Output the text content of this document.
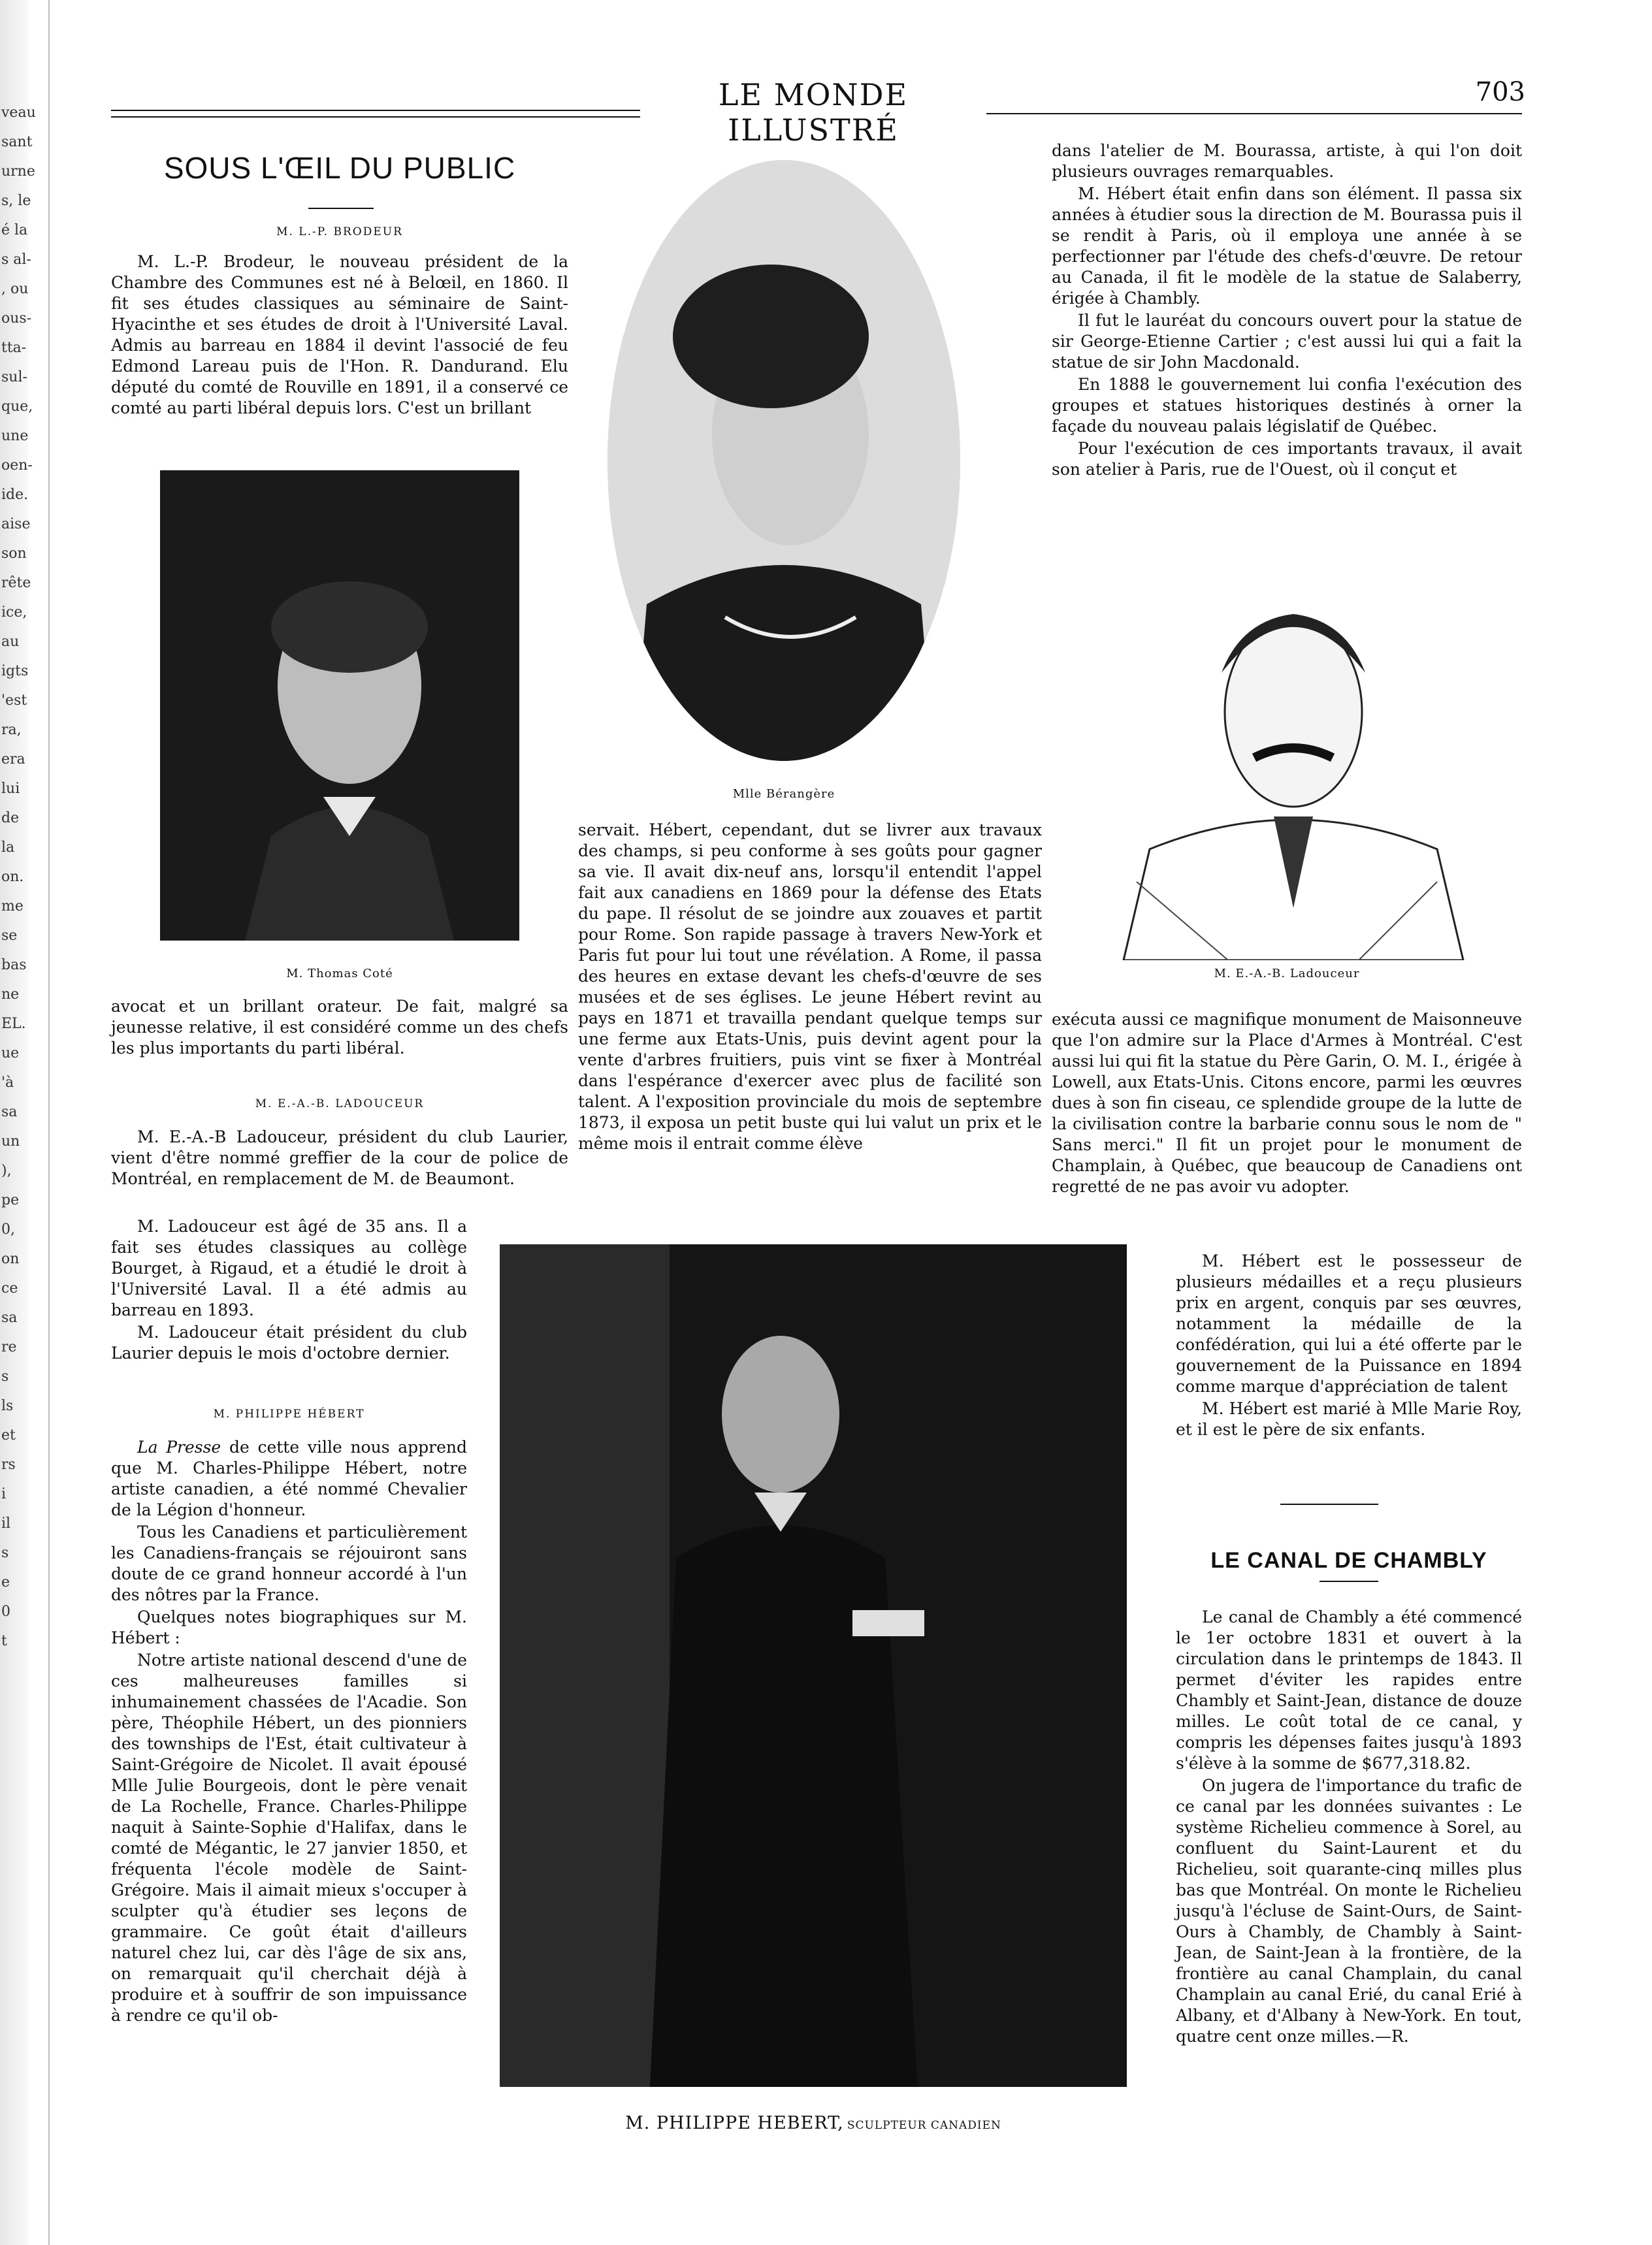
veau
sant
urne
s, le
é la
s al-
, ou
ous-
tta-
sul-
que,
une
oen-
ide.
aise
son
rête
ice,
au
igts
'est
ra,
era
lui
de
la
on.
me
se
bas
ne
EL.
ue
'à
sa
un
),
pe
0,
on
ce
sa
re
s
ls
et
rs
i
il
s
e
0
t
LE MONDE ILLUSTRÉ
703
SOUS L'ŒIL DU PUBLIC
M. L.-P. BRODEUR

M. L.-P. Brodeur, le nouveau président de la Chambre des Communes est né à Belœil, en 1860. Il fit ses études classiques au séminaire de Saint-Hyacinthe et ses études de droit à l'Université Laval. Admis au barreau en 1884 il devint l'associé de feu Edmond Lareau puis de l'Hon. R. Dandurand. Elu député du comté de Rouville en 1891, il a conservé ce comté au parti libéral depuis lors. C'est un brillant

M. Thomas Coté

avocat et un brillant orateur. De fait, malgré sa jeunesse relative, il est considéré comme un des chefs les plus importants du parti libéral.

M. E.-A.-B. LADOUCEUR

M. E.-A.-B Ladouceur, président du club Laurier, vient d'être nommé greffier de la cour de police de Montréal, en remplacement de M. de Beaumont.

M. Ladouceur est âgé de 35 ans. Il a fait ses études classiques au collège Bourget, à Rigaud, et a étudié le droit à l'Université Laval. Il a été admis au barreau en 1893.

M. Ladouceur était président du club Laurier depuis le mois d'octobre dernier.

M. PHILIPPE HÉBERT

La Presse de cette ville nous apprend que M. Charles-Philippe Hébert, notre artiste canadien, a été nommé Chevalier de la Légion d'honneur.

Tous les Canadiens et particulièrement les Canadiens-français se réjouiront sans doute de ce grand honneur accordé à l'un des nôtres par la France.

Quelques notes biographiques sur M. Hébert :

Notre artiste national descend d'une de ces malheureuses familles si inhumainement chassées de l'Acadie. Son père, Théophile Hébert, un des pionniers des townships de l'Est, était cultivateur à Saint-Grégoire de Nicolet. Il avait épousé Mlle Julie Bourgeois, dont le père venait de La Rochelle, France. Charles-Philippe naquit à Sainte-Sophie d'Halifax, dans le comté de Mégantic, le 27 janvier 1850, et fréquenta l'école modèle de Saint-Grégoire. Mais il aimait mieux s'occuper à sculpter qu'à étudier ses leçons de grammaire. Ce goût était d'ailleurs naturel chez lui, car dès l'âge de six ans, on remarquait qu'il cherchait déjà à produire et à souffrir de son impuissance à rendre ce qu'il ob-

Mlle Bérangère

servait. Hébert, cependant, dut se livrer aux travaux des champs, si peu conforme à ses goûts pour gagner sa vie. Il avait dix-neuf ans, lorsqu'il entendit l'appel fait aux canadiens en 1869 pour la défense des Etats du pape. Il résolut de se joindre aux zouaves et partit pour Rome. Son rapide passage à travers New-York et Paris fut pour lui tout une révélation. A Rome, il passa des heures en extase devant les chefs-d'œuvre de ses musées et de ses églises. Le jeune Hébert revint au pays en 1871 et travailla pendant quelque temps sur une ferme aux Etats-Unis, puis devint agent pour la vente d'arbres fruitiers, puis vint se fixer à Montréal dans l'espérance d'exercer avec plus de facilité son talent. A l'exposition provinciale du mois de septembre 1873, il exposa un petit buste qui lui valut un prix et le même mois il entrait comme élève

M. PHILIPPE HEBERT, SCULPTEUR CANADIEN

dans l'atelier de M. Bourassa, artiste, à qui l'on doit plusieurs ouvrages remarquables.

M. Hébert était enfin dans son élément. Il passa six années à étudier sous la direction de M. Bourassa puis il se rendit à Paris, où il employa une année à se perfectionner par l'étude des chefs-d'œuvre. De retour au Canada, il fit le modèle de la statue de Salaberry, érigée à Chambly.

Il fut le lauréat du concours ouvert pour la statue de sir George-Etienne Cartier ; c'est aussi lui qui a fait la statue de sir John Macdonald.

En 1888 le gouvernement lui confia l'exécution des groupes et statues historiques destinés à orner la façade du nouveau palais législatif de Québec.

Pour l'exécution de ces importants travaux, il avait son atelier à Paris, rue de l'Ouest, où il conçut et

M. E.-A.-B. Ladouceur

exécuta aussi ce magnifique monument de Maisonneuve que l'on admire sur la Place d'Armes à Montréal. C'est aussi lui qui fit la statue du Père Garin, O. M. I., érigée à Lowell, aux Etats-Unis. Citons encore, parmi les œuvres dues à son fin ciseau, ce splendide groupe de la lutte de la civilisation contre la barbarie connu sous le nom de " Sans merci." Il fit un projet pour le monument de Champlain, à Québec, que beaucoup de Canadiens ont regretté de ne pas avoir vu adopter.

M. Hébert est le possesseur de plusieurs médailles et a reçu plusieurs prix en argent, conquis par ses œuvres, notamment la médaille de la confédération, qui lui a été offerte par le gouvernement de la Puissance en 1894 comme marque d'appréciation de talent

M. Hébert est marié à Mlle Marie Roy, et il est le père de six enfants.

LE CANAL DE CHAMBLY

Le canal de Chambly a été commencé le 1er octobre 1831 et ouvert à la circulation dans le printemps de 1843. Il permet d'éviter les rapides entre Chambly et Saint-Jean, distance de douze milles. Le coût total de ce canal, y compris les dépenses faites jusqu'à 1893 s'élève à la somme de $677,318.82.

On jugera de l'importance du trafic de ce canal par les données suivantes : Le système Richelieu commence à Sorel, au confluent du Saint-Laurent et du Richelieu, soit quarante-cinq milles plus bas que Montréal. On monte le Richelieu jusqu'à l'écluse de Saint-Ours, de Saint-Ours à Chambly, de Chambly à Saint-Jean, de Saint-Jean à la frontière, de la frontière au canal Champlain, du canal Champlain au canal Erié, du canal Erié à Albany, et d'Albany à New-York. En tout, quatre cent onze milles.—R.
